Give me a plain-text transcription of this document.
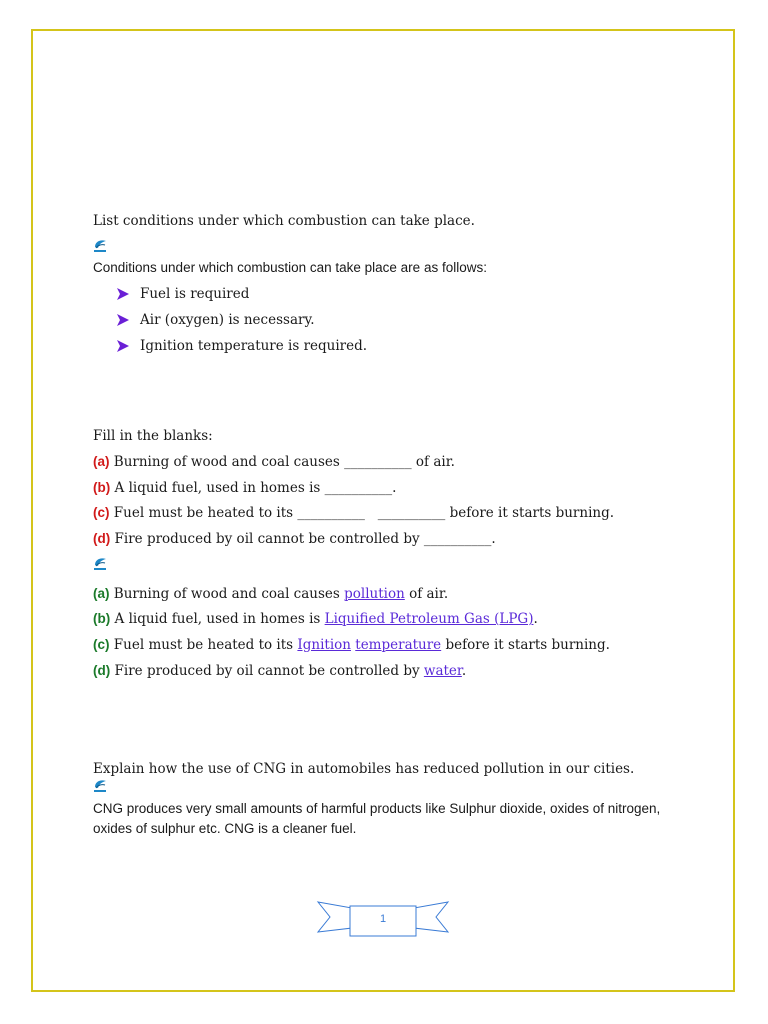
List conditions under which combustion can take place.
Conditions under which combustion can take place are as follows:
Fuel is required
Air (oxygen) is necessary.
Ignition temperature is required.
Fill in the blanks:
(a) Burning of wood and coal causes __________ of air.
(b) A liquid fuel, used in homes is __________.
(c) Fuel must be heated to its __________   __________ before it starts burning.
(d) Fire produced by oil cannot be controlled by __________.
(a) Burning of wood and coal causes pollution of air.
(b) A liquid fuel, used in homes is Liquified Petroleum Gas (LPG).
(c) Fuel must be heated to its Ignition temperature before it starts burning.
(d) Fire produced by oil cannot be controlled by water.
Explain how the use of CNG in automobiles has reduced pollution in our cities.
CNG produces very small amounts of harmful products like Sulphur dioxide, oxides of nitrogen, oxides of sulphur etc. CNG is a cleaner fuel.
1
